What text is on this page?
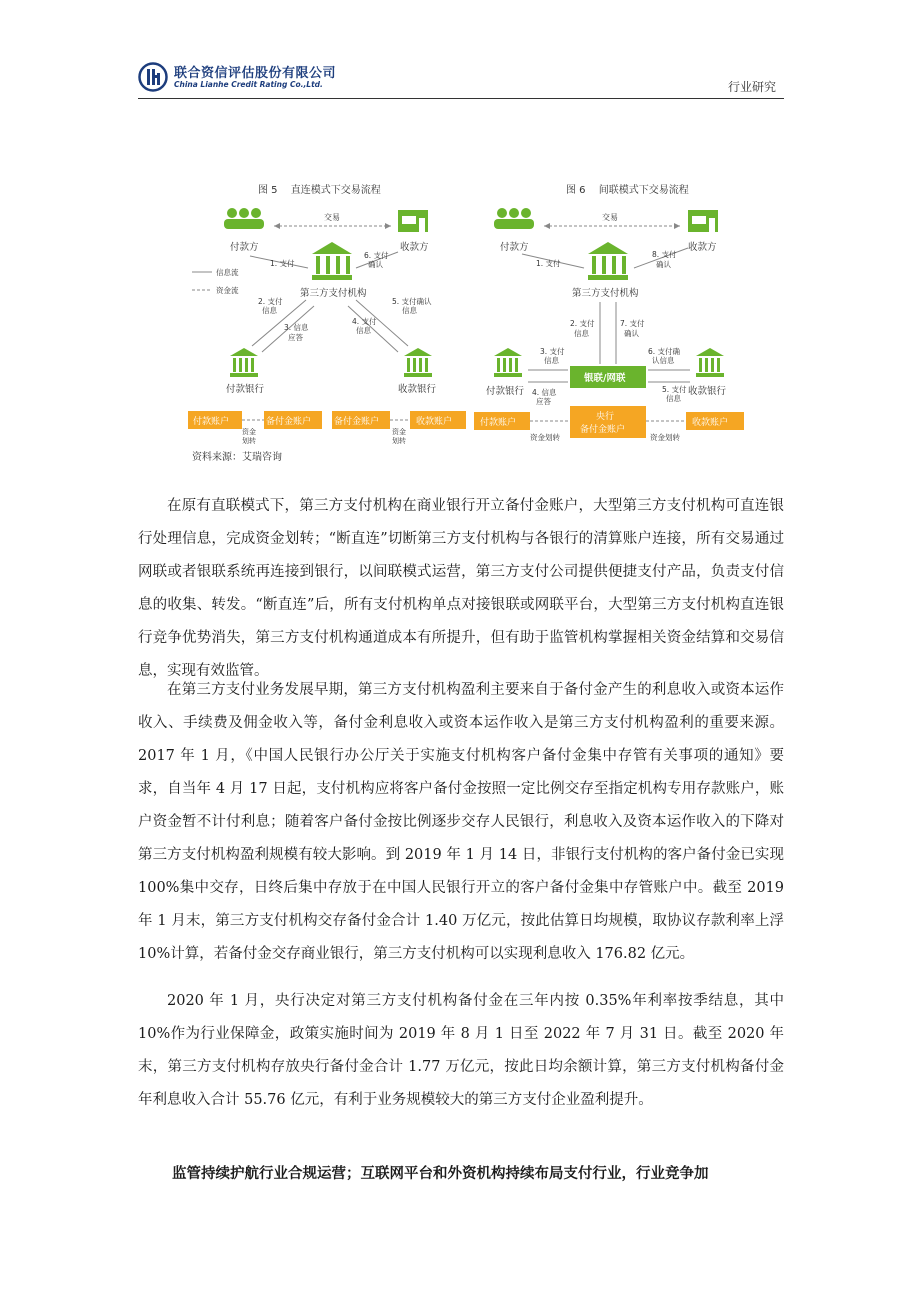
联合资信评估股份有限公司
China Lianhe Credit Rating Co.,Ltd.	行业研究
图 5　 直连模式下交易流程	图 6　 间联模式下交易流程
付款方	收款方
交易
第三方支付机构
1. 支付
6. 支付
确认
信息流
资金流
2. 支付
信息
3. 信息
应答
4. 支付
信息
5. 支付确认
信息
付款银行	收款银行
付款账户	备付金账户	备付金账户	收款账户
资金
划转
资金
划转
付款方	收款方
交易
第三方支付机构
1. 支付
8. 支付
确认
2. 支付
信息
7. 支付
确认
银联/网联
付款银行	收款银行
3. 支付
信息
4. 信息
应答
6. 支付确
认信息
5. 支付
信息
付款账户
央行
备付金账户
收款账户
资金划转	资金划转
资料来源：艾瑞咨询

在原有直联模式下，第三方支付机构在商业银行开立备付金账户，大型第三方支付机构可直连银行处理信息，完成资金划转；“断直连”切断第三方支付机构与各银行的清算账户连接，所有交易通过网联或者银联系统再连接到银行，以间联模式运营，第三方支付公司提供便捷支付产品，负责支付信息的收集、转发。“断直连”后，所有支付机构单点对接银联或网联平台，大型第三方支付机构直连银行竞争优势消失，第三方支付机构通道成本有所提升，但有助于监管机构掌握相关资金结算和交易信息，实现有效监管。

在第三方支付业务发展早期，第三方支付机构盈利主要来自于备付金产生的利息收入或资本运作收入、手续费及佣金收入等，备付金利息收入或资本运作收入是第三方支付机构盈利的重要来源。2017 年 1 月，《中国人民银行办公厅关于实施支付机构客户备付金集中存管有关事项的通知》要求，自当年 4 月 17 日起，支付机构应将客户备付金按照一定比例交存至指定机构专用存款账户，账户资金暂不计付利息；随着客户备付金按比例逐步交存人民银行，利息收入及资本运作收入的下降对第三方支付机构盈利规模有较大影响。到 2019 年 1 月 14 日，非银行支付机构的客户备付金已实现 100%集中交存，日终后集中存放于在中国人民银行开立的客户备付金集中存管账户中。截至 2019 年 1 月末，第三方支付机构交存备付金合计 1.40 万亿元，按此估算日均规模，取协议存款利率上浮 10%计算，若备付金交存商业银行，第三方支付机构可以实现利息收入 176.82 亿元。

2020 年 1 月，央行决定对第三方支付机构备付金在三年内按 0.35%年利率按季结息，其中 10%作为行业保障金，政策实施时间为 2019 年 8 月 1 日至 2022 年 7 月 31 日。截至 2020 年末，第三方支付机构存放央行备付金合计 1.77 万亿元，按此日均余额计算，第三方支付机构备付金年利息收入合计 55.76 亿元，有利于业务规模较大的第三方支付企业盈利提升。

监管持续护航行业合规运营；互联网平台和外资机构持续布局支付行业，行业竞争加
